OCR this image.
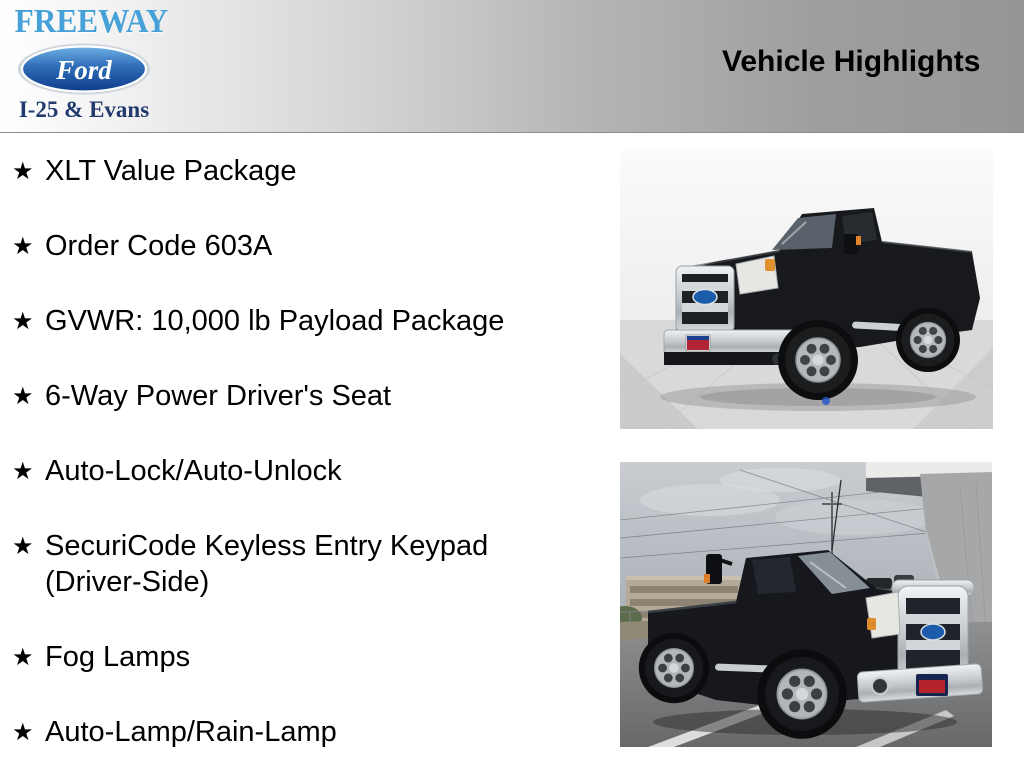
FREEWAY
Ford
I-25 & Evans
Vehicle Highlights
★ XLT Value Package
★ Order Code 603A
★ GVWR: 10,000 lb Payload Package
★ 6-Way Power Driver's Seat
★ Auto-Lock/Auto-Unlock
★ SecuriCode Keyless Entry Keypad (Driver-Side)
★ Fog Lamps
★ Auto-Lamp/Rain-Lamp
